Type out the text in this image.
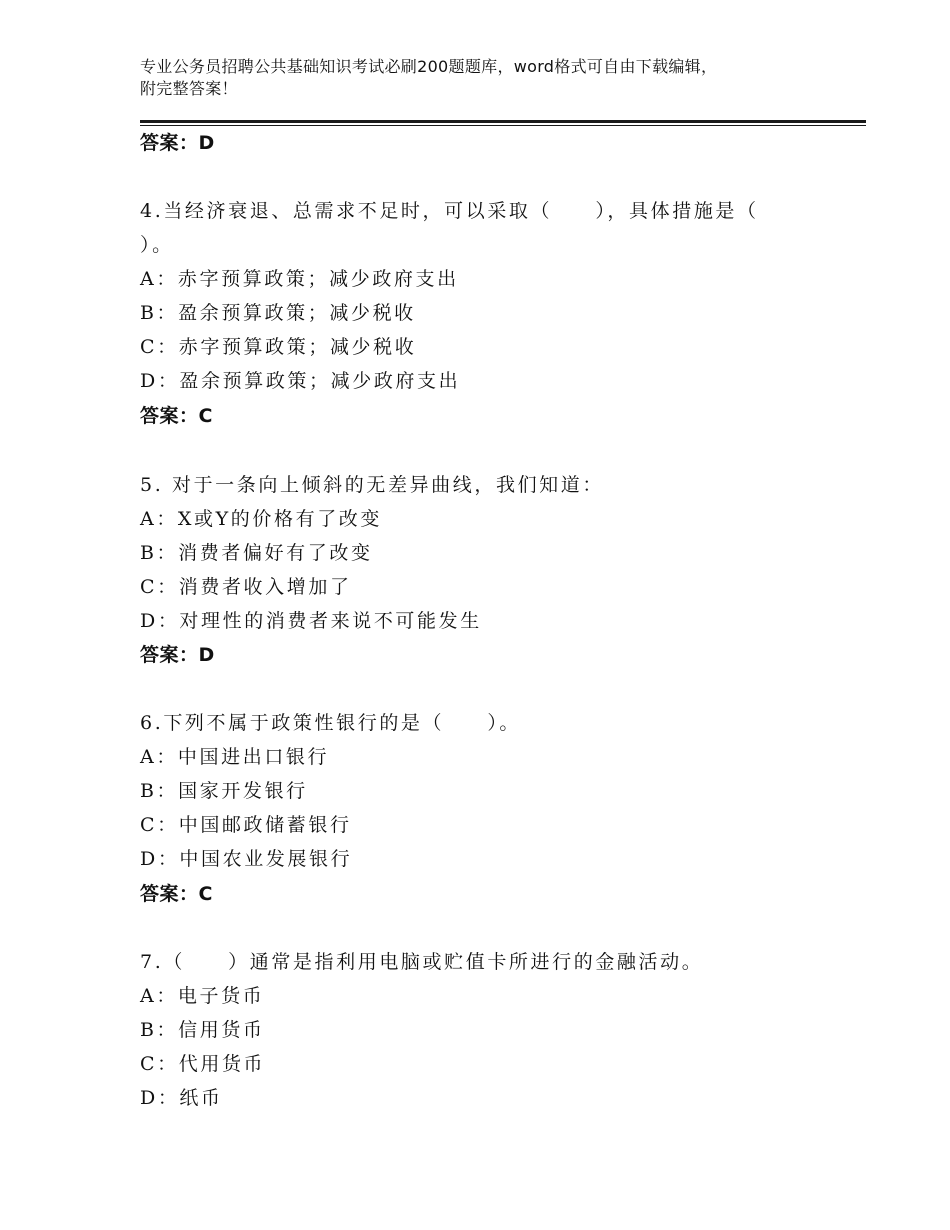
专业公务员招聘公共基础知识考试必刷200题题库，word格式可自由下载编辑，
附完整答案！
答案：D
4.当经济衰退、总需求不足时，可以采取（　　），具体措施是（
）。
A：赤字预算政策；减少政府支出
B：盈余预算政策；减少税收
C：赤字预算政策；减少税收
D：盈余预算政策；减少政府支出
答案：C
5. 对于一条向上倾斜的无差异曲线，我们知道：
A：X或Y的价格有了改变
B：消费者偏好有了改变
C：消费者收入增加了
D：对理性的消费者来说不可能发生
答案：D
6.下列不属于政策性银行的是（　　）。
A：中国进出口银行
B：国家开发银行
C：中国邮政储蓄银行
D：中国农业发展银行
答案：C
7.（　　）通常是指利用电脑或贮值卡所进行的金融活动。
A：电子货币
B：信用货币
C：代用货币
D：纸币
